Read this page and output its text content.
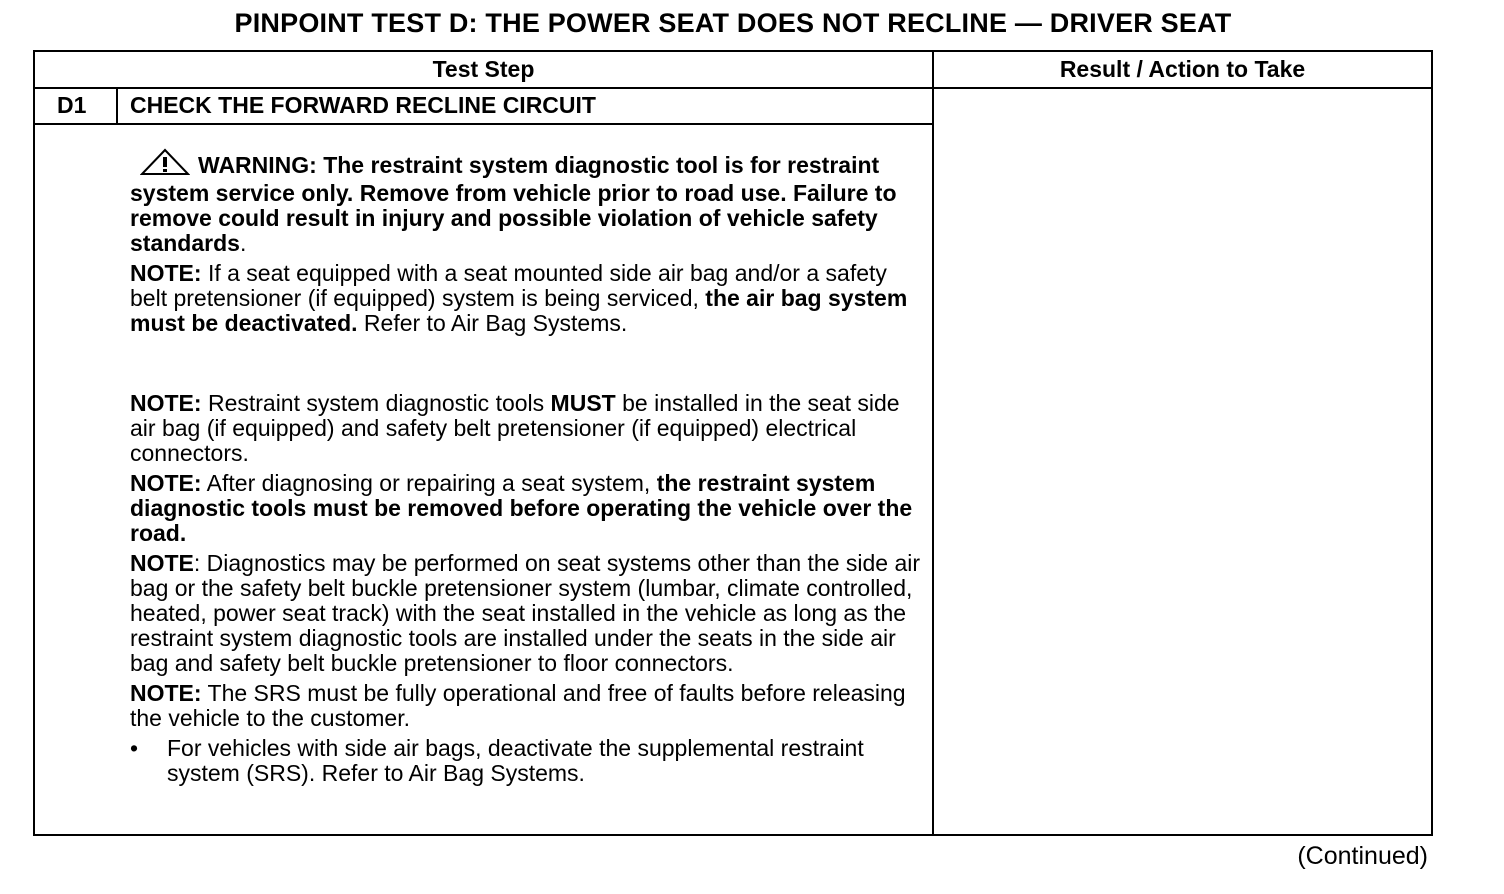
PINPOINT TEST D: THE POWER SEAT DOES NOT RECLINE — DRIVER SEAT
Test Step	Result / Action to Take
D1 CHECK THE FORWARD RECLINE CIRCUIT

WARNING: The restraint system diagnostic tool is for restraint system service only. Remove from vehicle prior to road use. Failure to remove could result in injury and possible violation of vehicle safety standards.

NOTE: If a seat equipped with a seat mounted side air bag and/or a safety belt pretensioner (if equipped) system is being serviced, the air bag system must be deactivated. Refer to Air Bag Systems.

NOTE: Restraint system diagnostic tools MUST be installed in the seat side air bag (if equipped) and safety belt pretensioner (if equipped) electrical connectors.

NOTE: After diagnosing or repairing a seat system, the restraint system diagnostic tools must be removed before operating the vehicle over the road.

NOTE: Diagnostics may be performed on seat systems other than the side air bag or the safety belt buckle pretensioner system (lumbar, climate controlled, heated, power seat track) with the seat installed in the vehicle as long as the restraint system diagnostic tools are installed under the seats in the side air bag and safety belt buckle pretensioner to floor connectors.

NOTE: The SRS must be fully operational and free of faults before releasing the vehicle to the customer.

•	For vehicles with side air bags, deactivate the supplemental restraint system (SRS). Refer to Air Bag Systems.
(Continued)
